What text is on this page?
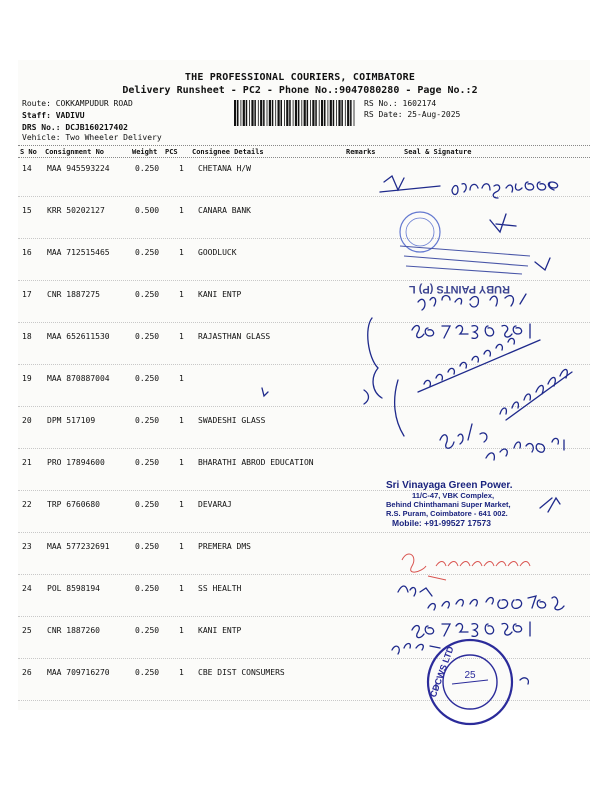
THE PROFESSIONAL COURIERS, COIMBATORE
Delivery Runsheet - PC2 - Phone No.:9047080280 - Page No.:2
Route: COKKAMPUDUR ROAD
Staff: VADIVU
DRS No.: DCJB160217402
Vehicle: Two Wheeler Delivery
RS No.: 1602174
RS Date: 25-Aug-2025
S No Consignment No	Weight PCS Consignee Details	Remarks	Seal & Signature
14 MAA 945593224	0.250 1 CHETANA H/W
15 KRR 50202127	0.500 1 CANARA BANK
16 MAA 712515465	0.250 1 GOODLUCK
17 CNR 1887275	0.250 1 KANI ENTP
18 MAA 652611530	0.250 1 RAJASTHAN GLASS
19 MAA 870887004	0.250 1
20 DPM 517109	0.250 1 SWADESHI GLASS
21 PRO 17894600	0.250 1 BHARATHI ABROD EDUCATION
22 TRP 6760680	0.250 1 DEVARAJ
23 MAA 577232691	0.250 1 PREMERA DMS
24 POL 8598194	0.250 1 SS HEALTH
25 CNR 1887260	0.250 1 KANI ENTP
26 MAA 709716270	0.250 1 CBE DIST CONSUMERS
RUBY PAINTS (P) L
CDCWS LTD 25
Sri Vinayaga Green Power.
11/C-47, VBK Complex,
Behind Chinthamani Super Market,
R.S. Puram, Coimbatore - 641 002.
Mobile: +91-99527 17573
